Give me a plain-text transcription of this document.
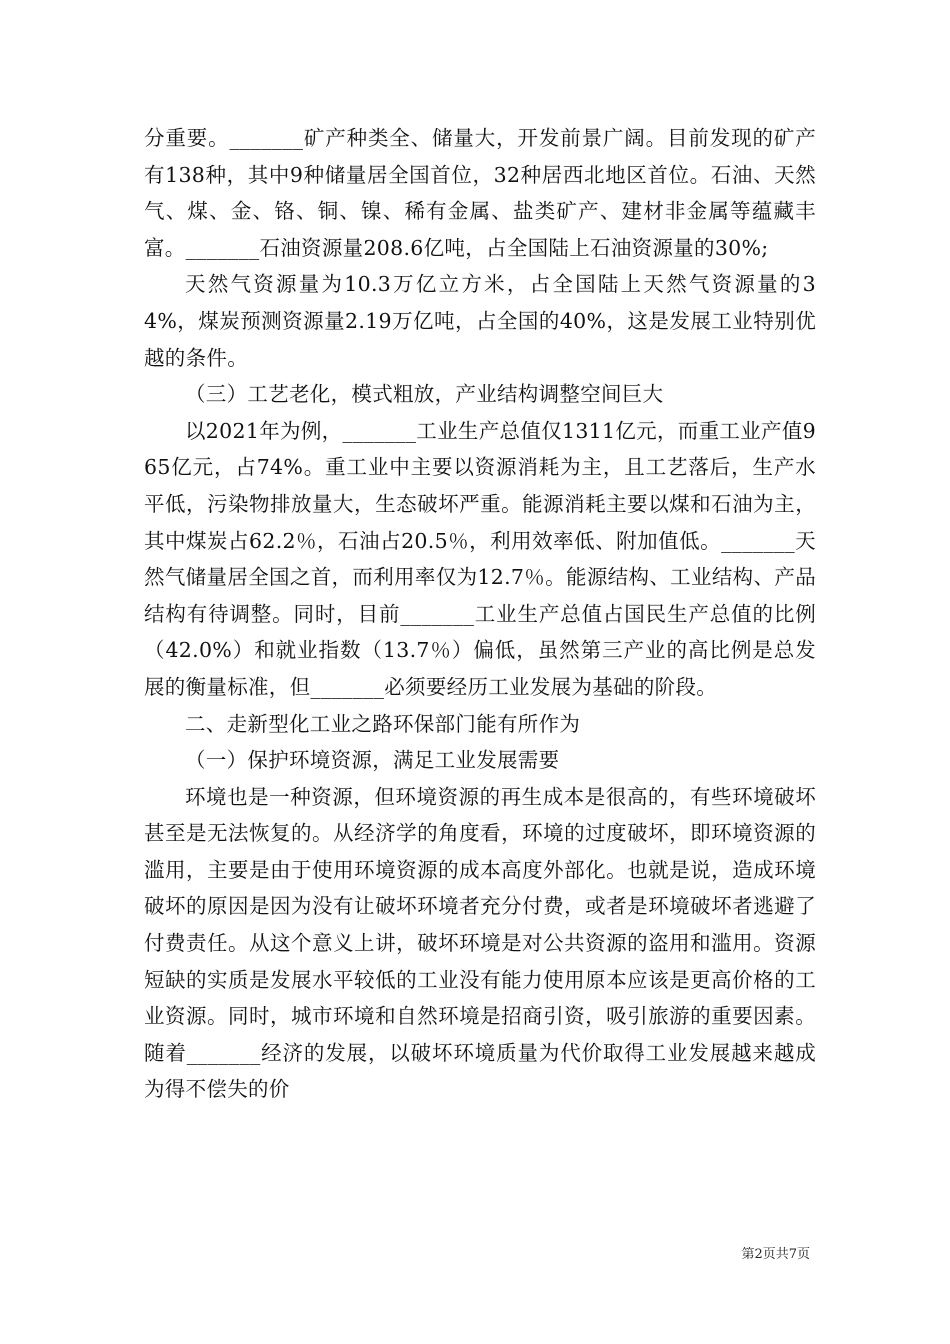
分重要。_______矿产种类全、储量大，开发前景广阔。目前发现的矿产有138种，其中9种储量居全国首位，32种居西北地区首位。石油、天然气、煤、金、铬、铜、镍、稀有金属、盐类矿产、建材非金属等蕴藏丰富。_______石油资源量208.6亿吨，占全国陆上石油资源量的30%;

天然气资源量为10.3万亿立方米，占全国陆上天然气资源量的34%，煤炭预测资源量2.19万亿吨，占全国的40%，这是发展工业特别优越的条件。

（三）工艺老化，模式粗放，产业结构调整空间巨大

以2021年为例，_______工业生产总值仅1311亿元，而重工业产值965亿元，占74%。重工业中主要以资源消耗为主，且工艺落后，生产水平低，污染物排放量大，生态破坏严重。能源消耗主要以煤和石油为主，其中煤炭占62.2％，石油占20.5％，利用效率低、附加值低。_______天然气储量居全国之首，而利用率仅为12.7％。能源结构、工业结构、产品结构有待调整。同时，目前_______工业生产总值占国民生产总值的比例（42.0%）和就业指数（13.7％）偏低，虽然第三产业的高比例是总发展的衡量标准，但_______必须要经历工业发展为基础的阶段。

二、走新型化工业之路环保部门能有所作为

（一）保护环境资源，满足工业发展需要

环境也是一种资源，但环境资源的再生成本是很高的，有些环境破坏甚至是无法恢复的。从经济学的角度看，环境的过度破坏，即环境资源的滥用，主要是由于使用环境资源的成本高度外部化。也就是说，造成环境破坏的原因是因为没有让破坏环境者充分付费，或者是环境破坏者逃避了付费责任。从这个意义上讲，破坏环境是对公共资源的盗用和滥用。资源短缺的实质是发展水平较低的工业没有能力使用原本应该是更高价格的工业资源。同时，城市环境和自然环境是招商引资，吸引旅游的重要因素。随着_______经济的发展，以破坏环境质量为代价取得工业发展越来越成为得不偿失的价

第2页共7页
